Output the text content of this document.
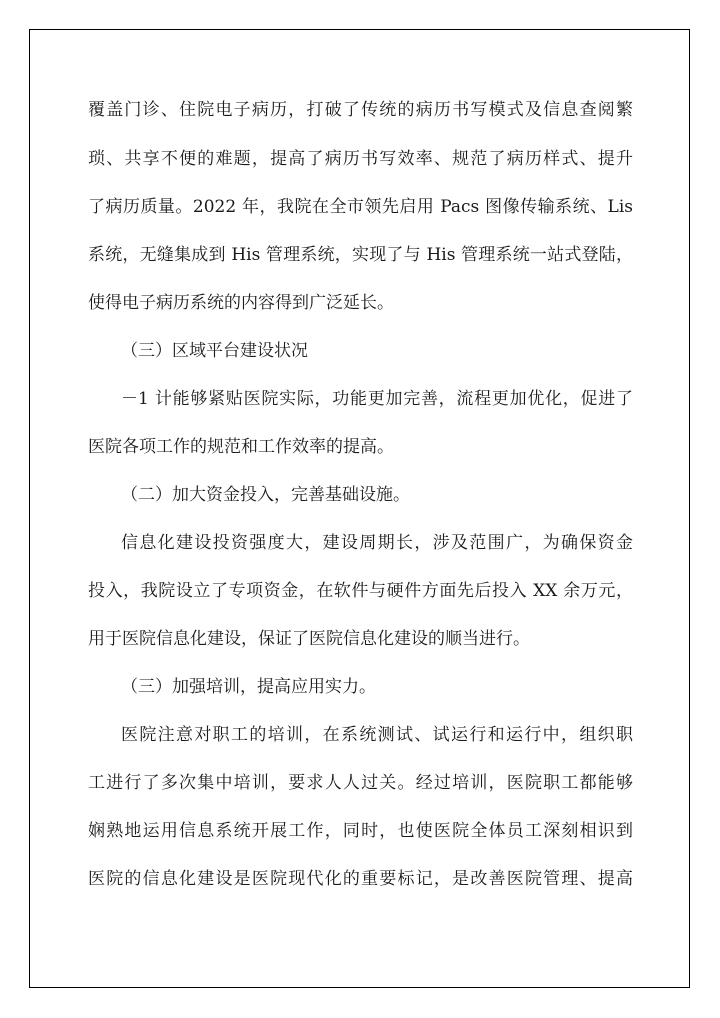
覆盖门诊、住院电子病历，打破了传统的病历书写模式及信息查阅繁
琐、共享不便的难题，提高了病历书写效率、规范了病历样式、提升
了病历质量。2022 年，我院在全市领先启用 Pacs 图像传输系统、Lis
系统，无缝集成到 His 管理系统，实现了与 His 管理系统一站式登陆，
使得电子病历系统的内容得到广泛延长。
（三）区域平台建设状况
－1 计能够紧贴医院实际，功能更加完善，流程更加优化，促进了
医院各项工作的规范和工作效率的提高。
（二）加大资金投入，完善基础设施。
信息化建设投资强度大，建设周期长，涉及范围广，为确保资金
投入，我院设立了专项资金，在软件与硬件方面先后投入 XX 余万元，
用于医院信息化建设，保证了医院信息化建设的顺当进行。
（三）加强培训，提高应用实力。
医院注意对职工的培训，在系统测试、试运行和运行中，组织职
工进行了多次集中培训，要求人人过关。经过培训，医院职工都能够
娴熟地运用信息系统开展工作，同时，也使医院全体员工深刻相识到
医院的信息化建设是医院现代化的重要标记，是改善医院管理、提高
